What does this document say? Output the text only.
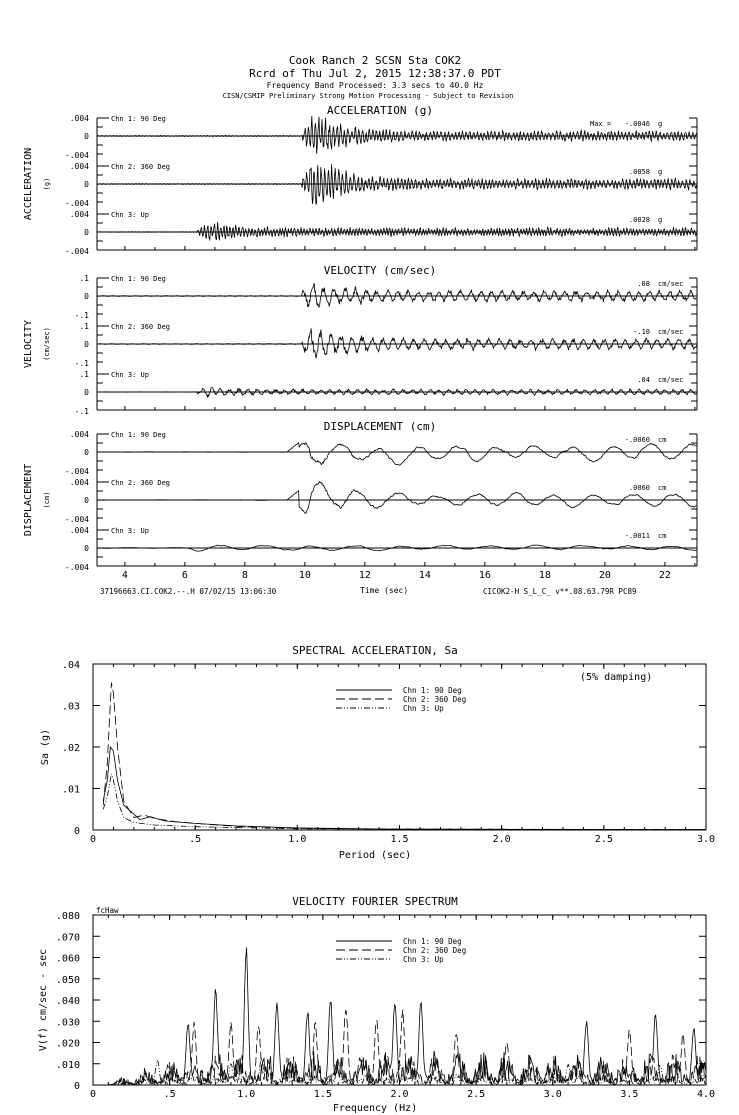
Cook Ranch 2 SCSN Sta COK2
Rcrd of Thu Jul 2, 2015 12:38:37.0 PDT
Frequency Band Processed: 3.3 secs to 40.0 Hz
CISN/CSMIP Preliminary Strong Motion Processing - Subject to Revision
ACCELERATION (g)
ACCELERATION (g)
.004
0
-.004
Chn 1: 90 Deg
Max = -.0046 g
.004
0
-.004
Chn 2: 360 Deg
.0058 g
.004
0
-.004
Chn 3: Up
.0028 g
VELOCITY (cm/sec)
VELOCITY (cm/sec)
.1
0
-.1
Chn 1: 90 Deg
.08 cm/sec
.1
0
-.1
Chn 2: 360 Deg
-.10 cm/sec
.1
0
-.1
Chn 3: Up
.04 cm/sec
DISPLACEMENT (cm)
DISPLACEMENT (cm)
4	6	8	10	12	14	16	18	20	22
.004
0
-.004
Chn 1: 90 Deg
-.0060 cm
.004
0
-.004
Chn 2: 360 Deg
.0060 cm
.004
0
-.004
Chn 3: Up
-.0011 cm
37196663.CI.COK2.--.H 07/02/15 13:06:30	Time (sec)	CICOK2-H S_L_C_ v**.08.63.79R PC89
SPECTRAL ACCELERATION, Sa
(5% damping)
Sa (g)
Period (sec)
0	.5	1.0	1.5	2.0	2.5	3.0
.04
.03
.02
.01
0
Chn 1: 90 Deg
Chn 2: 360 Deg
Chn 3: Up
VELOCITY FOURIER SPECTRUM
fcHaw
V(f) cm/sec - sec
Frequency (Hz)
0	.5	1.0	1.5	2.0	2.5	3.0	3.5	4.0
.080
.070
.060
.050
.040
.030
.020
.010
0
Chn 1: 90 Deg
Chn 2: 360 Deg
Chn 3: Up
